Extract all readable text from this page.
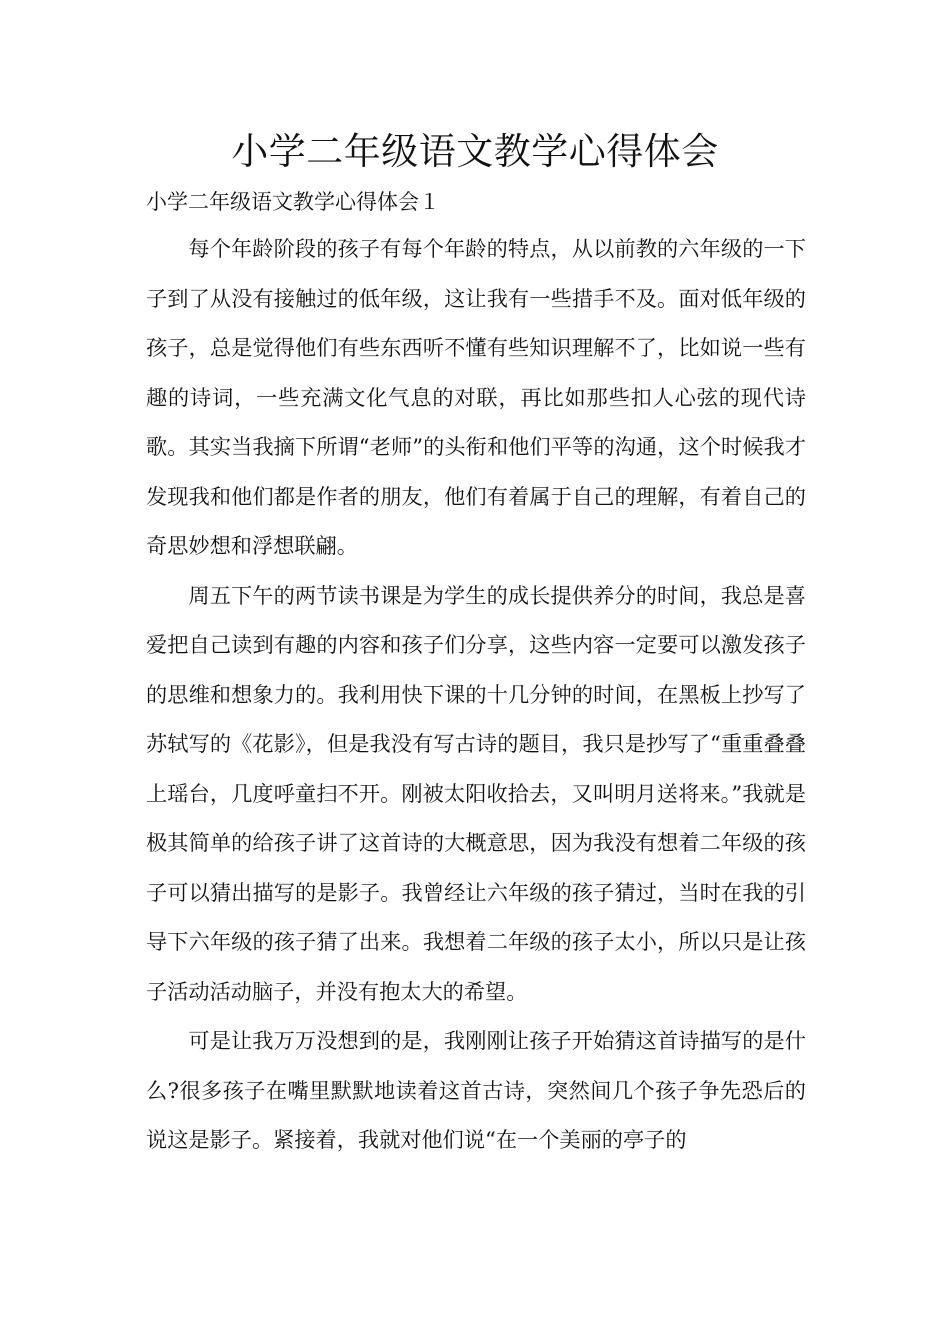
小学二年级语文教学心得体会
小学二年级语文教学心得体会１

每个年龄阶段的孩子有每个年龄的特点，从以前教的六年级的一下子到了从没有接触过的低年级，这让我有一些措手不及。面对低年级的孩子，总是觉得他们有些东西听不懂有些知识理解不了，比如说一些有趣的诗词，一些充满文化气息的对联，再比如那些扣人心弦的现代诗歌。其实当我摘下所谓“老师”的头衔和他们平等的沟通，这个时候我才发现我和他们都是作者的朋友，他们有着属于自己的理解，有着自己的奇思妙想和浮想联翩。

周五下午的两节读书课是为学生的成长提供养分的时间，我总是喜爱把自己读到有趣的内容和孩子们分享，这些内容一定要可以激发孩子的思维和想象力的。我利用快下课的十几分钟的时间，在黑板上抄写了苏轼写的《花影》，但是我没有写古诗的题目，我只是抄写了“重重叠叠上瑶台，几度呼童扫不开。刚被太阳收拾去，又叫明月送将来。”我就是极其简单的给孩子讲了这首诗的大概意思，因为我没有想着二年级的孩子可以猜出描写的是影子。我曾经让六年级的孩子猜过，当时在我的引导下六年级的孩子猜了出来。我想着二年级的孩子太小，所以只是让孩子活动活动脑子，并没有抱太大的希望。

可是让我万万没想到的是，我刚刚让孩子开始猜这首诗描写的是什么?很多孩子在嘴里默默地读着这首古诗，突然间几个孩子争先恐后的说这是影子。紧接着，我就对他们说“在一个美丽的亭子的
